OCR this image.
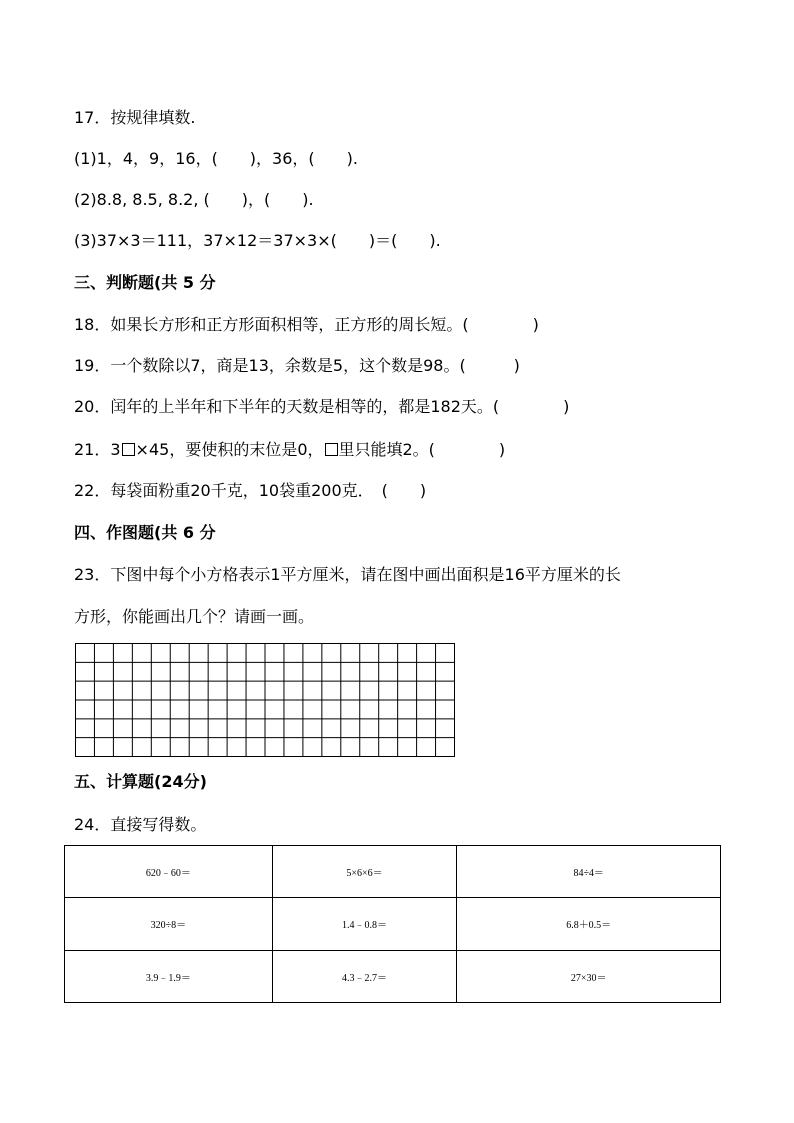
17．按规律填数.
(1)1，4，9，16，(　　)，36，(　　).
(2)8.8, 8.5, 8.2, (　　)，(　　).
(3)37×3＝111，37×12＝37×3×(　　)＝(　　).
三、判断题(共 5 分
18．如果长方形和正方形面积相等，正方形的周长短。(　　　　)
19．一个数除以7，商是13，余数是5，这个数是98。(　　　)
20．闰年的上半年和下半年的天数是相等的，都是182天。(　　　　)
21．3 ×45，要使积的末位是0， 里只能填2。(　　　　)
22．每袋面粉重20千克，10袋重200克．　(　　)
四、作图题(共 6 分
23．下图中每个小方格表示1平方厘米，请在图中画出面积是16平方厘米的长
方形，你能画出几个？请画一画。
五、计算题(24分)
24．直接写得数。
620﹣60＝	5×6×6＝	84÷4＝
320÷8＝	1.4﹣0.8＝	6.8＋0.5＝
3.9﹣1.9＝	4.3﹣2.7＝	27×30＝
